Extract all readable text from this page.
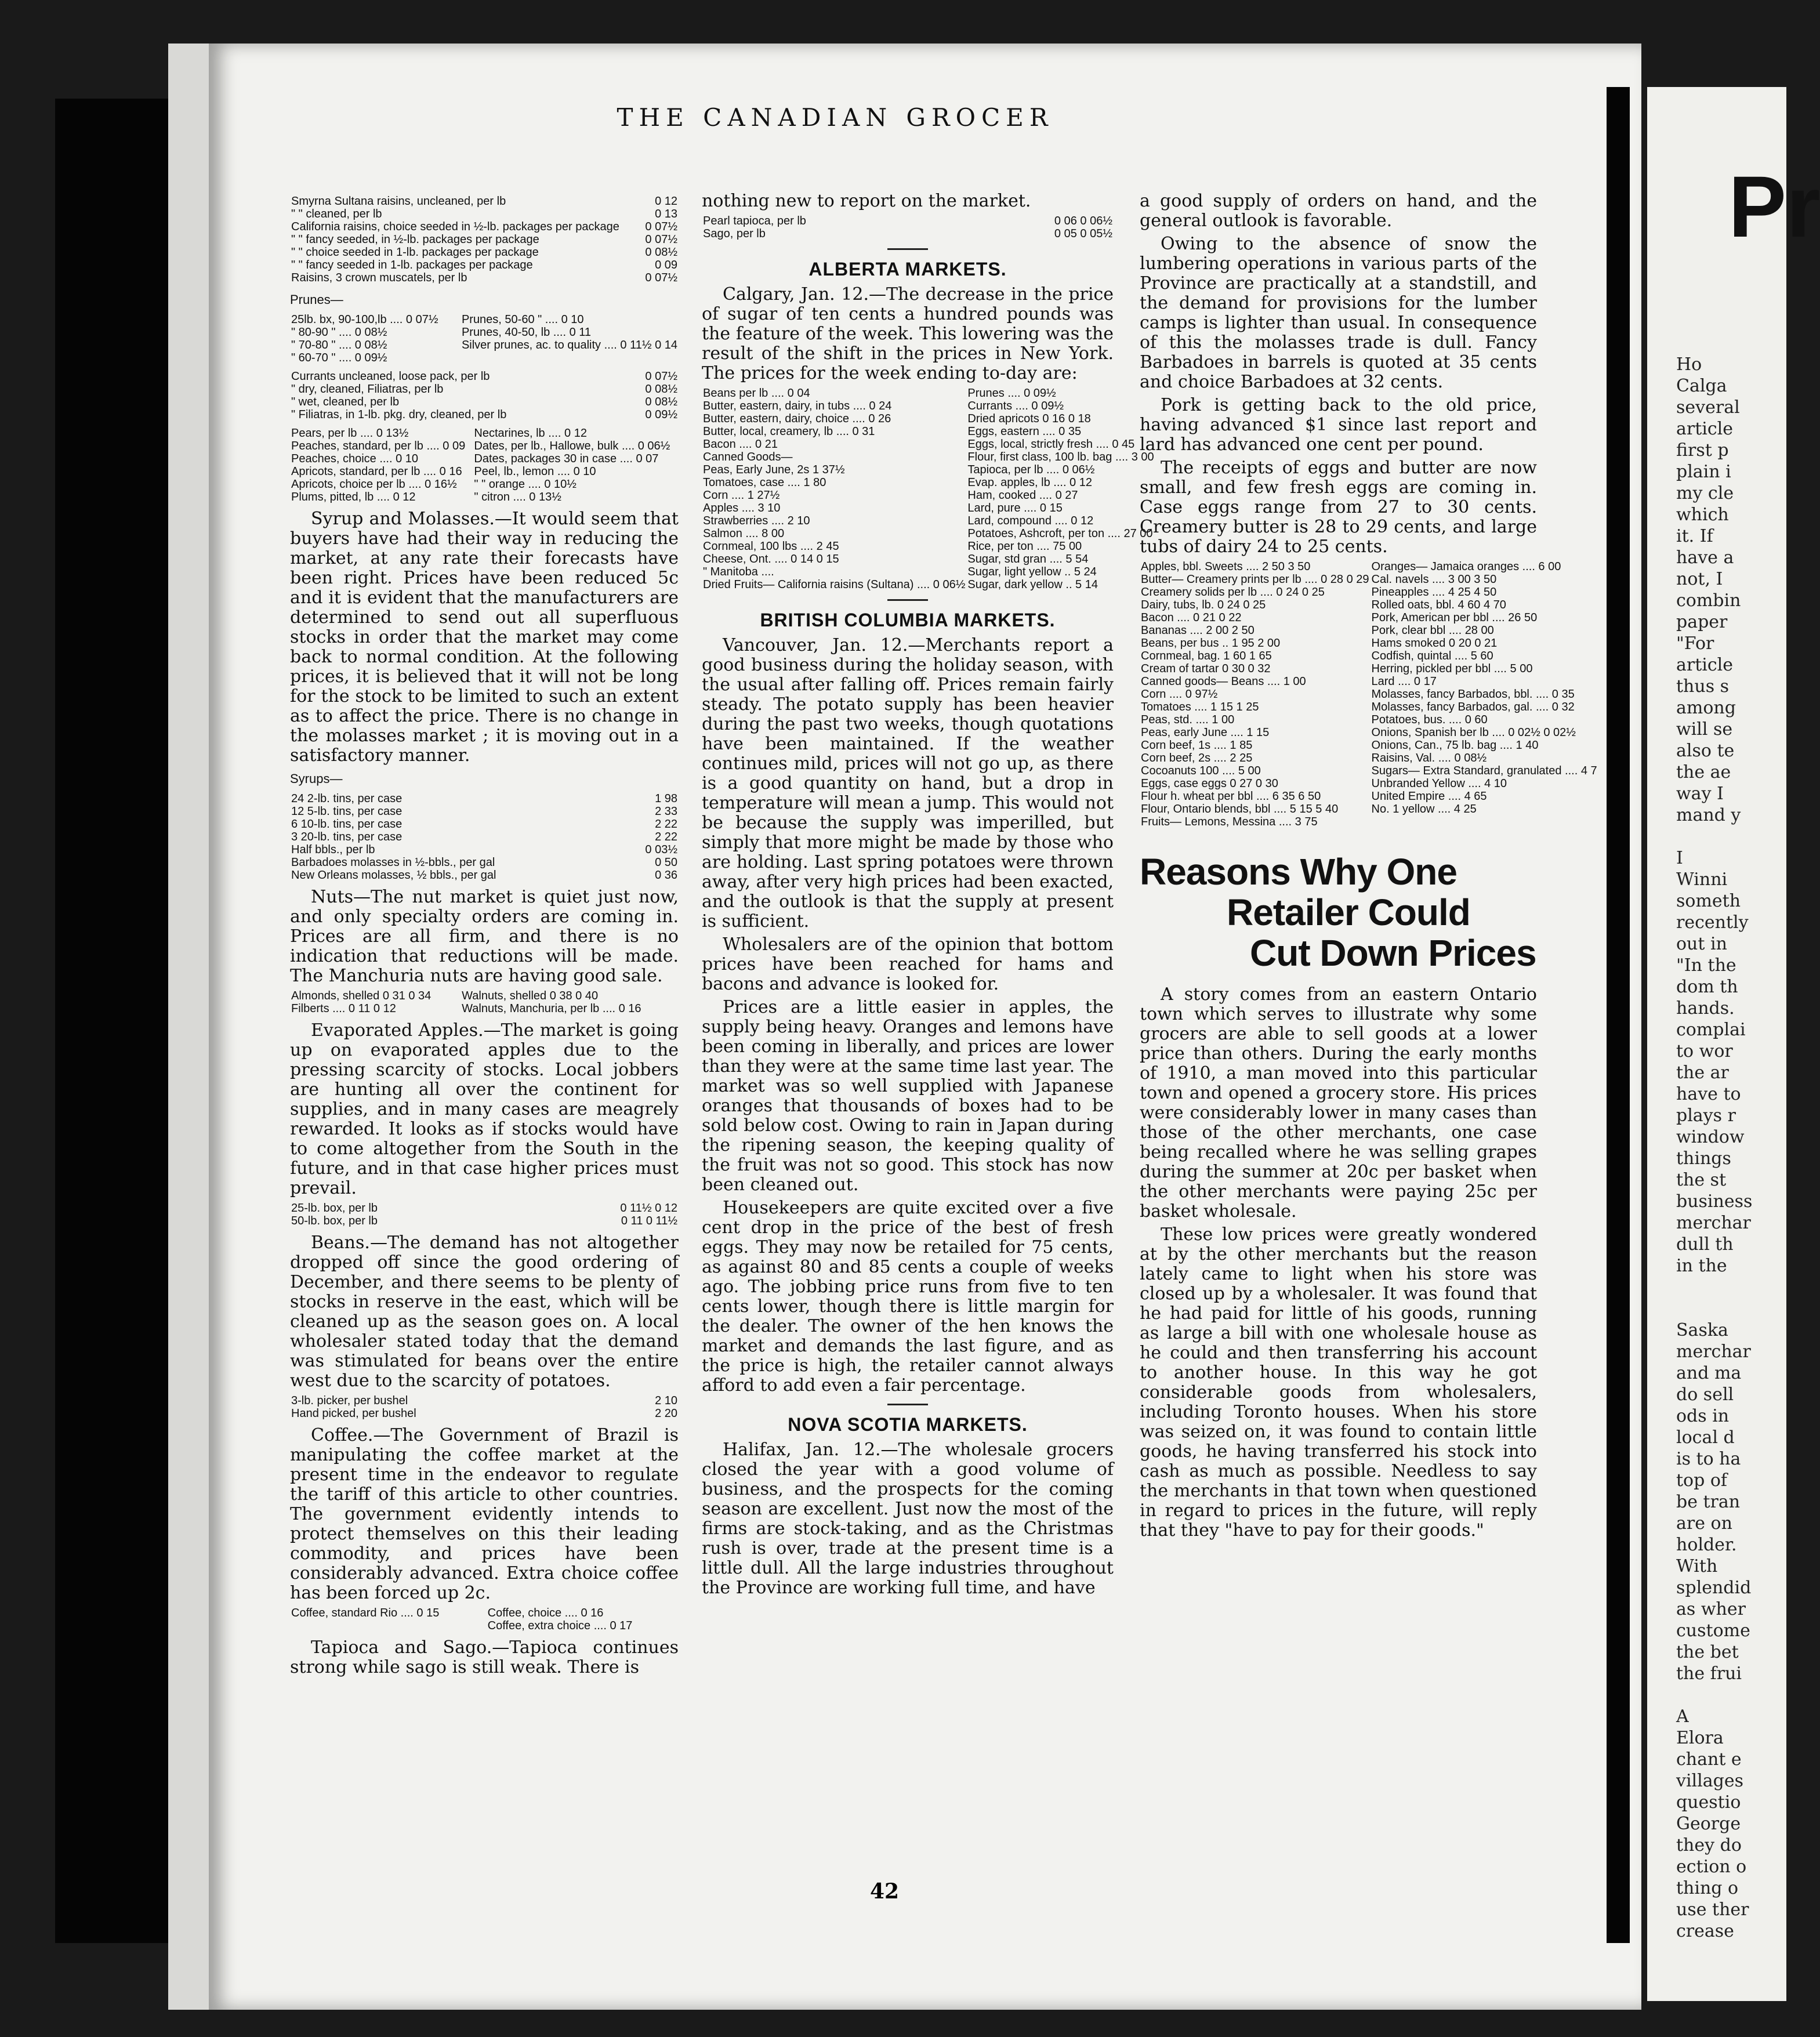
Pr
Ho
Calga
several
article
first p
plain i
my cle
which
it. If
have a
not, I
combin
paper
"For
article
thus s
among
will se
also te
the ae
way I
mand y

I
Winni
someth
recently
out in
"In the
dom th
hands.
complai
to wor
the ar
have to
plays r
window
things
the st
business
merchar
dull th
in the

Saska
merchar
and ma
do sell
ods in
local d
is to ha
top of
be tran
are on
holder.
With
splendid
as wher
custome
the bet
the frui

A
Elora
chant e
villages
questio
George
they do
ection o
thing o
use ther
crease
THE CANADIAN GROCER
Smyrna Sultana raisins, uncleaned, per lb	0 12
" " cleaned, per lb	0 13
California raisins, choice seeded in ½-lb. packages per package	0 07½
" " fancy seeded, in ½-lb. packages per package	0 07½
" " choice seeded in 1-lb. packages per package	0 08½
" " fancy seeded in 1-lb. packages per package	0 09
Raisins, 3 crown muscatels, per lb	0 07½
Prunes—
25lb. bx, 90-100,lb .... 0 07½	Prunes, 50-60 " .... 0 10
" 80-90 " .... 0 08½	Prunes, 40-50, lb .... 0 11
" 70-80 " .... 0 08½	Silver prunes, ac. to quality .... 0 11½ 0 14
" 60-70 " .... 0 09½	
Currants uncleaned, loose pack, per lb	0 07½
" dry, cleaned, Filiatras, per lb	0 08½
" wet, cleaned, per lb	0 08½
" Filiatras, in 1-lb. pkg. dry, cleaned, per lb	0 09½
Pears, per lb .... 0 13½	Nectarines, lb .... 0 12
Peaches, standard, per lb .... 0 09	Dates, per lb., Hallowe, bulk .... 0 06½
Peaches, choice .... 0 10	Dates, packages 30 in case .... 0 07
Apricots, standard, per lb .... 0 16	Peel, lb., lemon .... 0 10
Apricots, choice per lb .... 0 16½	" " orange .... 0 10½
Plums, pitted, lb .... 0 12	" citron .... 0 13½

Syrup and Molasses.—It would seem that buyers have had their way in reducing the market, at any rate their forecasts have been right. Prices have been reduced 5c and it is evident that the manufacturers are determined to send out all superfluous stocks in order that the market may come back to normal condition. At the following prices, it is believed that it will not be long for the stock to be limited to such an extent as to affect the price. There is no change in the molasses market ; it is moving out in a satisfactory manner.

Syrups—
24 2-lb. tins, per case	1 98
12 5-lb. tins, per case	2 33
6 10-lb. tins, per case	2 22
3 20-lb. tins, per case	2 22
Half bbls., per lb	0 03½
Barbadoes molasses in ½-bbls., per gal	0 50
New Orleans molasses, ½ bbls., per gal	0 36

Nuts—The nut market is quiet just now, and only specialty orders are coming in. Prices are all firm, and there is no indication that reductions will be made. The Manchuria nuts are having good sale.

Almonds, shelled 0 31 0 34	Walnuts, shelled 0 38 0 40
Filberts .... 0 11 0 12	Walnuts, Manchuria, per lb .... 0 16

Evaporated Apples.—The market is going up on evaporated apples due to the pressing scarcity of stocks. Local jobbers are hunting all over the continent for supplies, and in many cases are meagrely rewarded. It looks as if stocks would have to come altogether from the South in the future, and in that case higher prices must prevail.

25-lb. box, per lb	0 11½ 0 12
50-lb. box, per lb	0 11 0 11½

Beans.—The demand has not altogether dropped off since the good ordering of December, and there seems to be plenty of stocks in reserve in the east, which will be cleaned up as the season goes on. A local wholesaler stated today that the demand was stimulated for beans over the entire west due to the scarcity of potatoes.

3-lb. picker, per bushel	2 10
Hand picked, per bushel	2 20

Coffee.—The Government of Brazil is manipulating the coffee market at the present time in the endeavor to regulate the tariff of this article to other countries. The government evidently intends to protect themselves on this their leading commodity, and prices have been considerably advanced. Extra choice coffee has been forced up 2c.

Coffee, standard Rio .... 0 15	Coffee, choice .... 0 16
	Coffee, extra choice .... 0 17

Tapioca and Sago.—Tapioca continues strong while sago is still weak. There is

nothing new to report on the market.

Pearl tapioca, per lb	0 06 0 06½
Sago, per lb	0 05 0 05½
ALBERTA MARKETS.

Calgary, Jan. 12.—The decrease in the price of sugar of ten cents a hundred pounds was the feature of the week. This lowering was the result of the shift in the prices in New York. The prices for the week ending to-day are:

Beans per lb .... 0 04	Prunes .... 0 09½
Butter, eastern, dairy, in tubs .... 0 24	Currants .... 0 09½
Butter, eastern, dairy, choice .... 0 26	Dried apricots 0 16 0 18
Butter, local, creamery, lb .... 0 31	Eggs, eastern .... 0 35
Bacon .... 0 21	Eggs, local, strictly fresh .... 0 45
Canned Goods—	Flour, first class, 100 lb. bag .... 3 00
Peas, Early June, 2s 1 37½	Tapioca, per lb .... 0 06½
Tomatoes, case .... 1 80	Evap. apples, lb .... 0 12
Corn .... 1 27½	Ham, cooked .... 0 27
Apples .... 3 10	Lard, pure .... 0 15
Strawberries .... 2 10	Lard, compound .... 0 12
Salmon .... 8 00	Potatoes, Ashcroft, per ton .... 27 00
Cornmeal, 100 lbs .... 2 45	Rice, per ton .... 75 00
Cheese, Ont. .... 0 14 0 15	Sugar, std gran .... 5 54
" Manitoba ....	Sugar, light yellow .. 5 24
Dried Fruits— California raisins (Sultana) .... 0 06½	Sugar, dark yellow .. 5 14
BRITISH COLUMBIA MARKETS.

Vancouver, Jan. 12.—Merchants report a good business during the holiday season, with the usual after falling off. Prices remain fairly steady. The potato supply has been heavier during the past two weeks, though quotations have been maintained. If the weather continues mild, prices will not go up, as there is a good quantity on hand, but a drop in temperature will mean a jump. This would not be because the supply was imperilled, but simply that more might be made by those who are holding. Last spring potatoes were thrown away, after very high prices had been exacted, and the outlook is that the supply at present is sufficient.

Wholesalers are of the opinion that bottom prices have been reached for hams and bacons and advance is looked for.

Prices are a little easier in apples, the supply being heavy. Oranges and lemons have been coming in liberally, and prices are lower than they were at the same time last year. The market was so well supplied with Japanese oranges that thousands of boxes had to be sold below cost. Owing to rain in Japan during the ripening season, the keeping quality of the fruit was not so good. This stock has now been cleaned out.

Housekeepers are quite excited over a five cent drop in the price of the best of fresh eggs. They may now be retailed for 75 cents, as against 80 and 85 cents a couple of weeks ago. The jobbing price runs from five to ten cents lower, though there is little margin for the dealer. The owner of the hen knows the market and demands the last figure, and as the price is high, the retailer cannot always afford to add even a fair percentage.

NOVA SCOTIA MARKETS.

Halifax, Jan. 12.—The wholesale grocers closed the year with a good volume of business, and the prospects for the coming season are excellent. Just now the most of the firms are stock-taking, and as the Christmas rush is over, trade at the present time is a little dull. All the large industries throughout the Province are working full time, and have

a good supply of orders on hand, and the general outlook is favorable.

Owing to the absence of snow the lumbering operations in various parts of the Province are practically at a standstill, and the demand for provisions for the lumber camps is lighter than usual. In consequence of this the molasses trade is dull. Fancy Barbadoes in barrels is quoted at 35 cents and choice Barbadoes at 32 cents.

Pork is getting back to the old price, having advanced $1 since last report and lard has advanced one cent per pound.

The receipts of eggs and butter are now small, and few fresh eggs are coming in. Case eggs range from 27 to 30 cents. Creamery butter is 28 to 29 cents, and large tubs of dairy 24 to 25 cents.

Apples, bbl. Sweets .... 2 50 3 50	Oranges— Jamaica oranges .... 6 00
Butter— Creamery prints per lb .... 0 28 0 29	Cal. navels .... 3 00 3 50
Creamery solids per lb .... 0 24 0 25	Pineapples .... 4 25 4 50
Dairy, tubs, lb. 0 24 0 25	Rolled oats, bbl. 4 60 4 70
Bacon .... 0 21 0 22	Pork, American per bbl .... 26 50
Bananas .... 2 00 2 50	Pork, clear bbl .... 28 00
Beans, per bus .. 1 95 2 00	Hams smoked 0 20 0 21
Cornmeal, bag. 1 60 1 65	Codfish, quintal .... 5 60
Cream of tartar 0 30 0 32	Herring, pickled per bbl .... 5 00
Canned goods— Beans .... 1 00	Lard .... 0 17
Corn .... 0 97½	Molasses, fancy Barbados, bbl. .... 0 35
Tomatoes .... 1 15 1 25	Molasses, fancy Barbados, gal. .... 0 32
Peas, std. .... 1 00	Potatoes, bus. .... 0 60
Peas, early June .... 1 15	Onions, Spanish ber lb .... 0 02½ 0 02½
Corn beef, 1s .... 1 85	Onions, Can., 75 lb. bag .... 1 40
Corn beef, 2s .... 2 25	Raisins, Val. .... 0 08½
Cocoanuts 100 .... 5 00	Sugars— Extra Standard, granulated .... 4 7
Eggs, case eggs 0 27 0 30	Unbranded Yellow .... 4 10
Flour h. wheat per bbl .... 6 35 6 50	United Empire .... 4 65
Flour, Ontario blends, bbl .... 5 15 5 40	No. 1 yellow .... 4 25
Fruits— Lemons, Messina .... 3 75	
Reasons Why One
Retailer Could
Cut Down Prices

A story comes from an eastern Ontario town which serves to illustrate why some grocers are able to sell goods at a lower price than others. During the early months of 1910, a man moved into this particular town and opened a grocery store. His prices were considerably lower in many cases than those of the other merchants, one case being recalled where he was selling grapes during the summer at 20c per basket when the other merchants were paying 25c per basket wholesale.

These low prices were greatly wondered at by the other merchants but the reason lately came to light when his store was closed up by a wholesaler. It was found that he had paid for little of his goods, running as large a bill with one wholesale house as he could and then transferring his account to another house. In this way he got considerable goods from wholesalers, including Toronto houses. When his store was seized on, it was found to contain little goods, he having transferred his stock into cash as much as possible. Needless to say the merchants in that town when questioned in regard to prices in the future, will reply that they "have to pay for their goods."

42
